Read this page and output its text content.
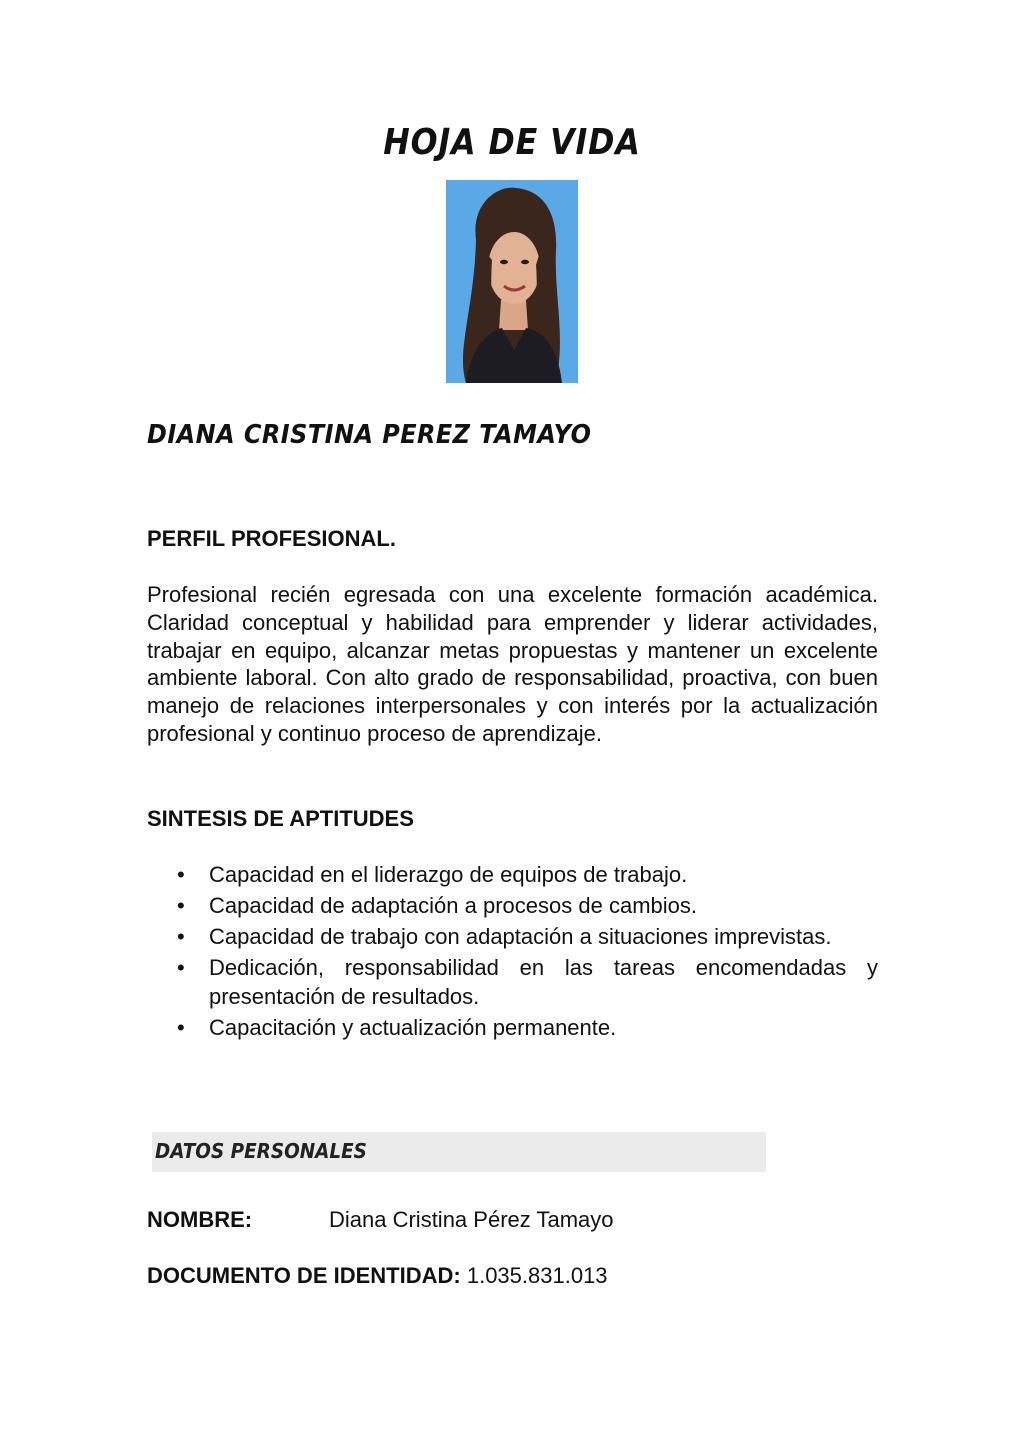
HOJA DE VIDA
DIANA CRISTINA PEREZ TAMAYO
PERFIL PROFESIONAL.
Profesional recién egresada con una excelente formación académica. Claridad conceptual y habilidad para emprender y liderar actividades, trabajar en equipo, alcanzar metas propuestas y mantener un excelente ambiente laboral. Con alto grado de responsabilidad, proactiva, con buen manejo de relaciones interpersonales y con interés por la actualización profesional y continuo proceso de aprendizaje.
SINTESIS DE APTITUDES
• Capacidad en el liderazgo de equipos de trabajo.
• Capacidad de adaptación a procesos de cambios.
• Capacidad de trabajo con adaptación a situaciones imprevistas.
• Dedicación, responsabilidad en las tareas encomendadas y presentación de resultados.
• Capacitación y actualización permanente.
DATOS PERSONALES
NOMBRE:	Diana Cristina Pérez Tamayo
DOCUMENTO DE IDENTIDAD: 1.035.831.013
